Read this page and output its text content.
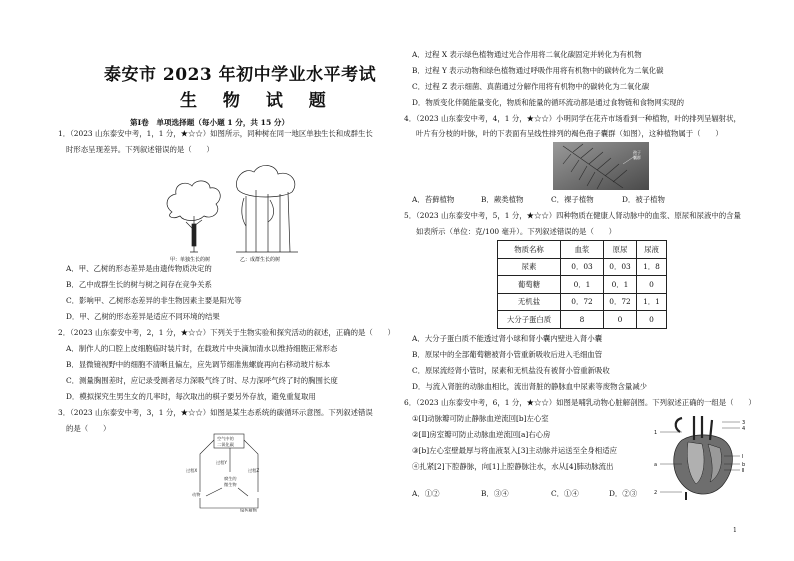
泰安市 2023 年初中学业水平考试
生 物 试 题
第Ⅰ卷　单项选择题（每小题 1 分，共 15 分）
1．（2023 山东泰安中考，1，1 分，★☆☆）如图所示，同种树在同一地区单独生长和成群生长
时形态呈现差异。下列叙述错误的是（　　）
甲：单独生长的树	乙：成群生长的树
A．甲、乙树的形态差异是由遗传物质决定的
B．乙中成群生长的树与树之间存在竞争关系
C．影响甲、乙树形态差异的非生物因素主要是阳光等
D．甲、乙树的形态差异是适应不同环境的结果
2．（2023 山东泰安中考，2，1 分，★☆☆）下列关于生物实验和探究活动的叙述，正确的是（　　）
A．制作人的口腔上皮细胞临时装片时，在载玻片中央滴加清水以维持细胞正常形态
B．显微镜视野中的细胞不清晰且偏左，应先调节细准焦螺旋再向右移动玻片标本
C．测量胸围差时，应记录受测者尽力深吸气终了时、尽力深呼气终了时的胸围长度
D．模拟探究生男生女的几率时，每次取出的棋子要另外存放，避免重复取用
3．（2023 山东泰安中考，3，1 分，★☆☆）如图是某生态系统的碳循环示意图。下列叙述错误
的是（　　）
空气中的
二氧化碳
过程X
过程Y
过程Z
动物
腐生的
微生物
绿色植物
A．过程 X 表示绿色植物通过光合作用将二氧化碳固定并转化为有机物
B．过程 Y 表示动物和绿色植物通过呼吸作用将有机物中的碳转化为二氧化碳
C．过程 Z 表示细菌、真菌通过分解作用将有机物中的碳转化为二氧化碳
D．物质变化伴随能量变化，物质和能量的循环流动都是通过食物链和食物网实现的
4．（2023 山东泰安中考，4，1 分，★☆☆）小明同学在花卉市场看到一种植物，叶的排列呈辐射状，
叶片有分枝的叶脉，叶的下表面有呈线性排列的褐色孢子囊群（如图），这种植物属于（　　）
孢子
囊群
A．苔藓植物	B．蕨类植物	C．裸子植物	D．被子植物
5．（2023 山东泰安中考，5，1 分，★☆☆）四种物质在健康人肾动脉中的血浆、原尿和尿液中的含量
如表所示（单位：克/100 毫升）。下列叙述错误的是（　　）
物质名称	血浆	原尿	尿液
尿素	0．03	0．03	1．8
葡萄糖	0．1	0．1	0
无机盐	0．72	0．72	1．1
大分子蛋白质	8	0	0
A．大分子蛋白质不能透过肾小球和肾小囊内壁进入肾小囊
B．原尿中的全部葡萄糖被肾小管重新吸收后进入毛细血管
C．原尿流经肾小管时，尿素和无机盐没有被肾小管重新吸收
D．与流入肾脏的动脉血相比，流出肾脏的静脉血中尿素等废物含量减少
6．（2023 山东泰安中考，6，1 分，★☆☆）如图是哺乳动物心脏解剖图。下列叙述正确的一组是（　　）
①[Ⅰ]动脉瓣可防止静脉血逆流回[b]左心室
②[Ⅱ]房室瓣可防止动脉血逆流回[a]右心房
③[b]左心室壁最厚与将血液泵入[3]主动脉并运送至全身相适应
④扎紧[2]下腔静脉，向[1]上腔静脉注水，水从[4]肺动脉流出
1
3
4
a
Ⅰ
b
Ⅱ
2
A．①②	B．③④	C．①④	D．②③
1
